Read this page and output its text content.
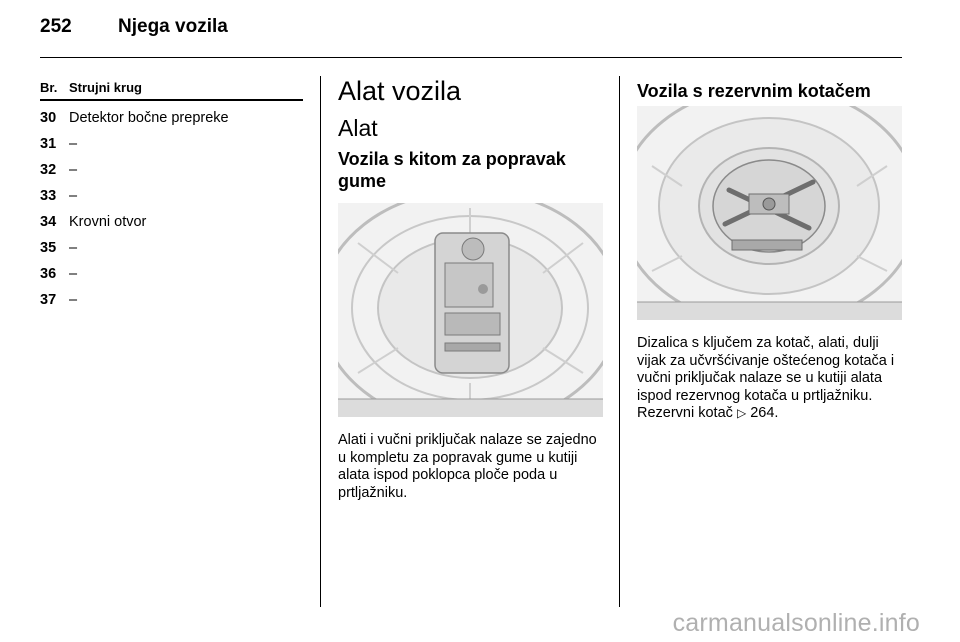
252 Njega vozila
Br. Strujni krug
30 Detektor bočne prepreke
31 –
32 –
33 –
34 Krovni otvor
35 –
36 –
37 –
Alat vozila
Alat
Vozila s kitom za popravak gume

Alati i vučni priključak nalaze se zajedno u kompletu za popravak gume u kutiji alata ispod poklopca ploče poda u prtljažniku.

Vozila s rezervnim kotačem

Dizalica s ključem za kotač, alati, dulji vijak za učvršćivanje oštećenog kotača i vučni priključak nalaze se u kutiji alata ispod rezervnog kotača u prtljažniku. Rezervni kotač ▷ 264.

carmanualsonline.info
